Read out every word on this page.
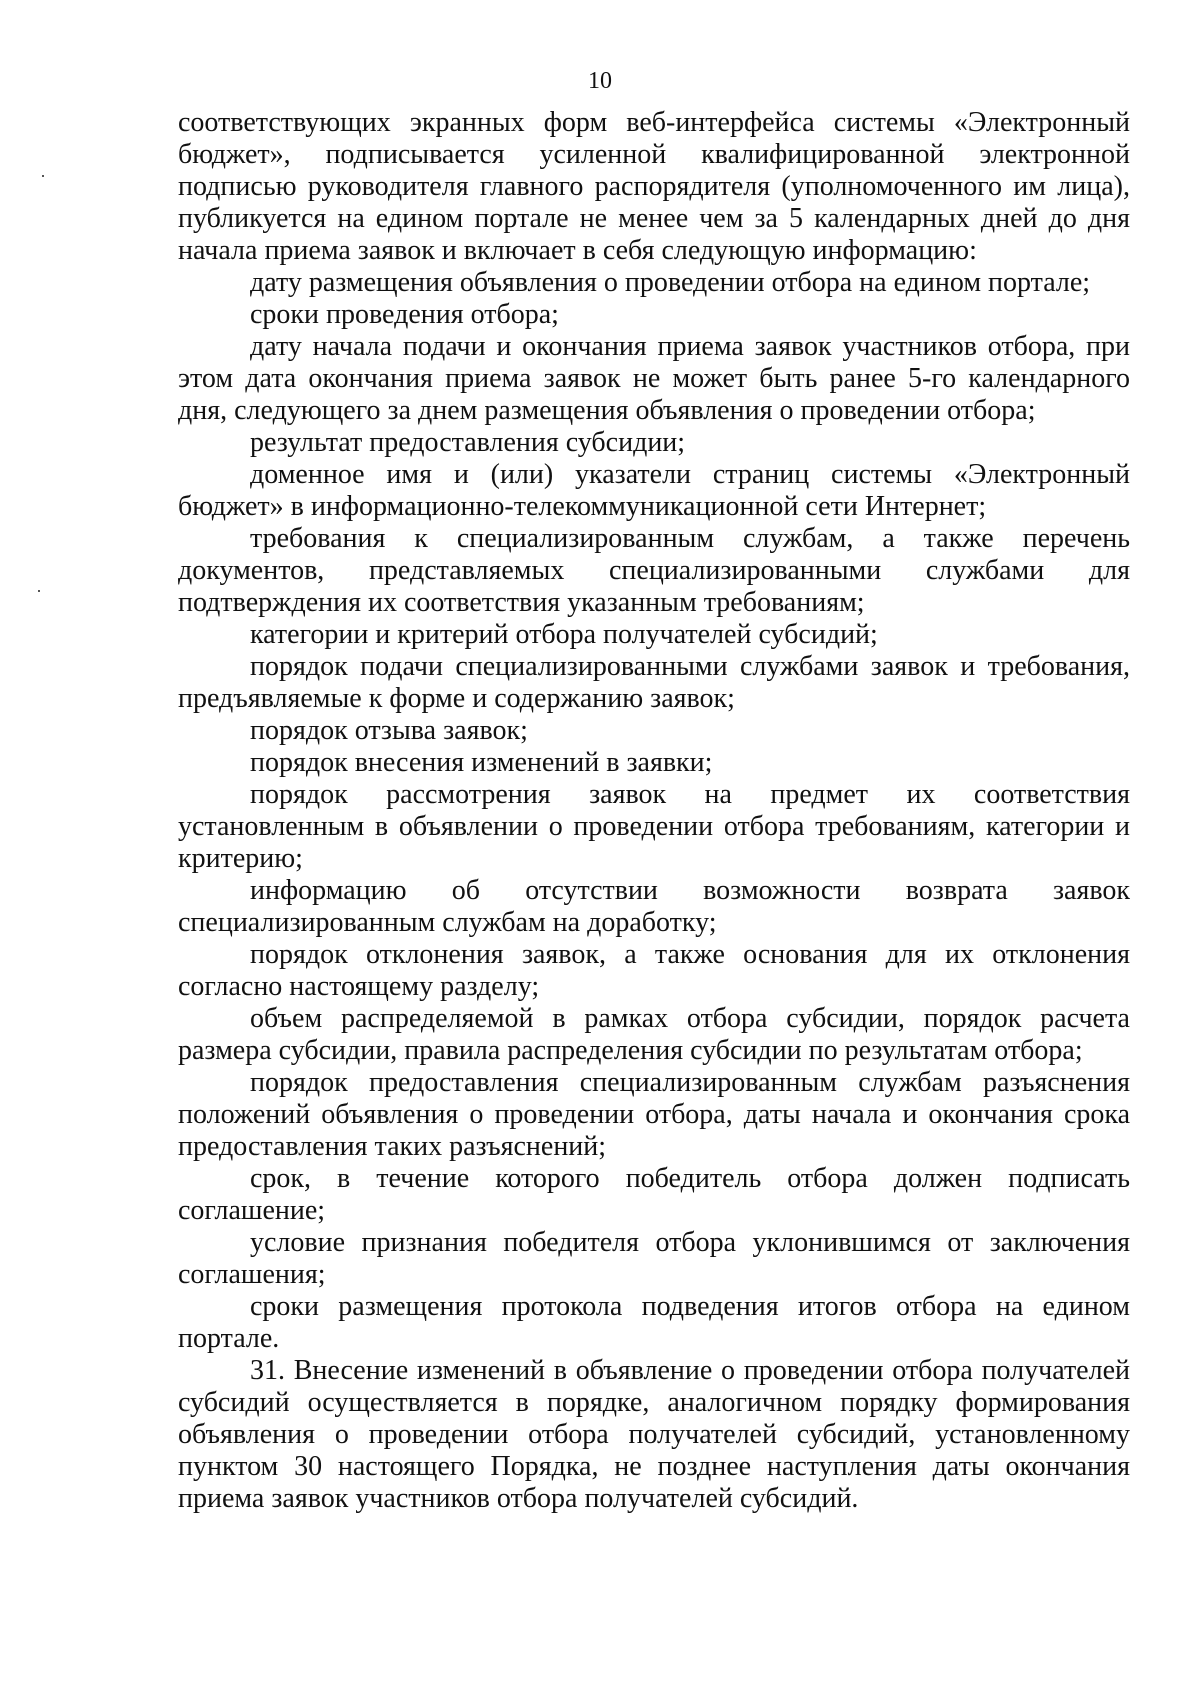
10

соответствующих экранных форм веб-интерфейса системы «Электронный бюджет», подписывается усиленной квалифицированной электронной подписью руководителя главного распорядителя (уполномоченного им лица), публикуется на едином портале не менее чем за 5 календарных дней до дня начала приема заявок и включает в себя следующую информацию:

дату размещения объявления о проведении отбора на едином портале;

сроки проведения отбора;

дату начала подачи и окончания приема заявок участников отбора, при этом дата окончания приема заявок не может быть ранее 5-го календарного дня, следующего за днем размещения объявления о проведении отбора;

результат предоставления субсидии;

доменное имя и (или) указатели страниц системы «Электронный бюджет» в информационно-телекоммуникационной сети Интернет;

требования к специализированным службам, а также перечень документов, представляемых специализированными службами для подтверждения их соответствия указанным требованиям;

категории и критерий отбора получателей субсидий;

порядок подачи специализированными службами заявок и требования, предъявляемые к форме и содержанию заявок;

порядок отзыва заявок;

порядок внесения изменений в заявки;

порядок рассмотрения заявок на предмет их соответствия установленным в объявлении о проведении отбора требованиям, категории и критерию;

информацию об отсутствии возможности возврата заявок специализированным службам на доработку;

порядок отклонения заявок, а также основания для их отклонения согласно настоящему разделу;

объем распределяемой в рамках отбора субсидии, порядок расчета размера субсидии, правила распределения субсидии по результатам отбора;

порядок предоставления специализированным службам разъяснения положений объявления о проведении отбора, даты начала и окончания срока предоставления таких разъяснений;

срок, в течение которого победитель отбора должен подписать соглашение;

условие признания победителя отбора уклонившимся от заключения соглашения;

сроки размещения протокола подведения итогов отбора на едином портале.

31. Внесение изменений в объявление о проведении отбора получателей субсидий осуществляется в порядке, аналогичном порядку формирования объявления о проведении отбора получателей субсидий, установленному пунктом 30 настоящего Порядка, не позднее наступления даты окончания приема заявок участников отбора получателей субсидий.
